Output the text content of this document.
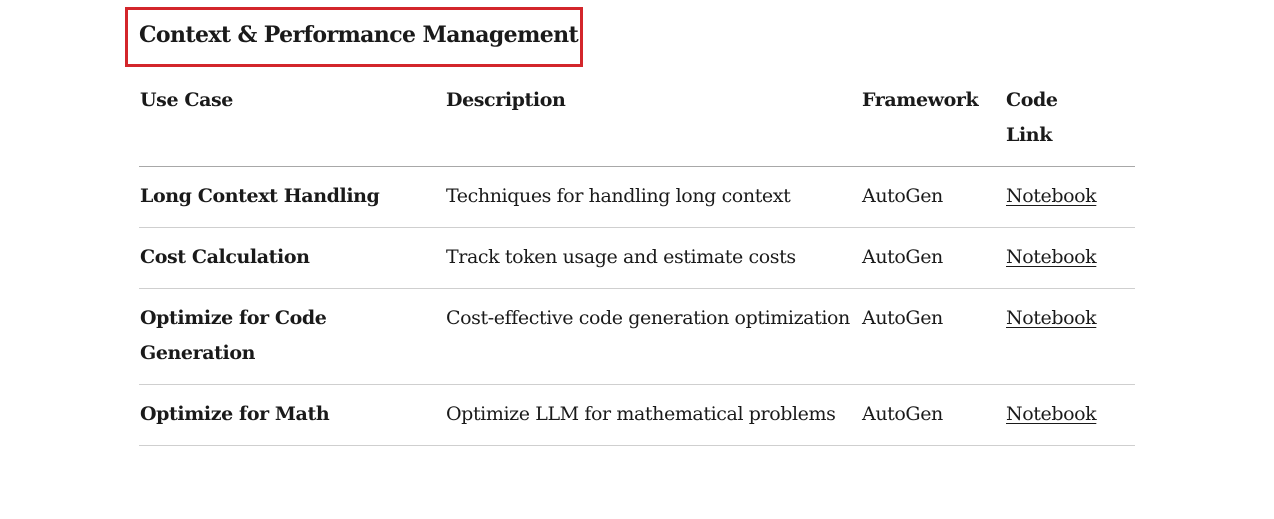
Context & Performance Management
Use Case	Description	Framework	Code Link

Long Context Handling	Techniques for handling long context	AutoGen	Notebook

Cost Calculation	Track token usage and estimate costs	AutoGen	Notebook

Optimize for Code Generation	Cost-effective code generation optimization	AutoGen	Notebook

Optimize for Math	Optimize LLM for mathematical problems	AutoGen	Notebook
